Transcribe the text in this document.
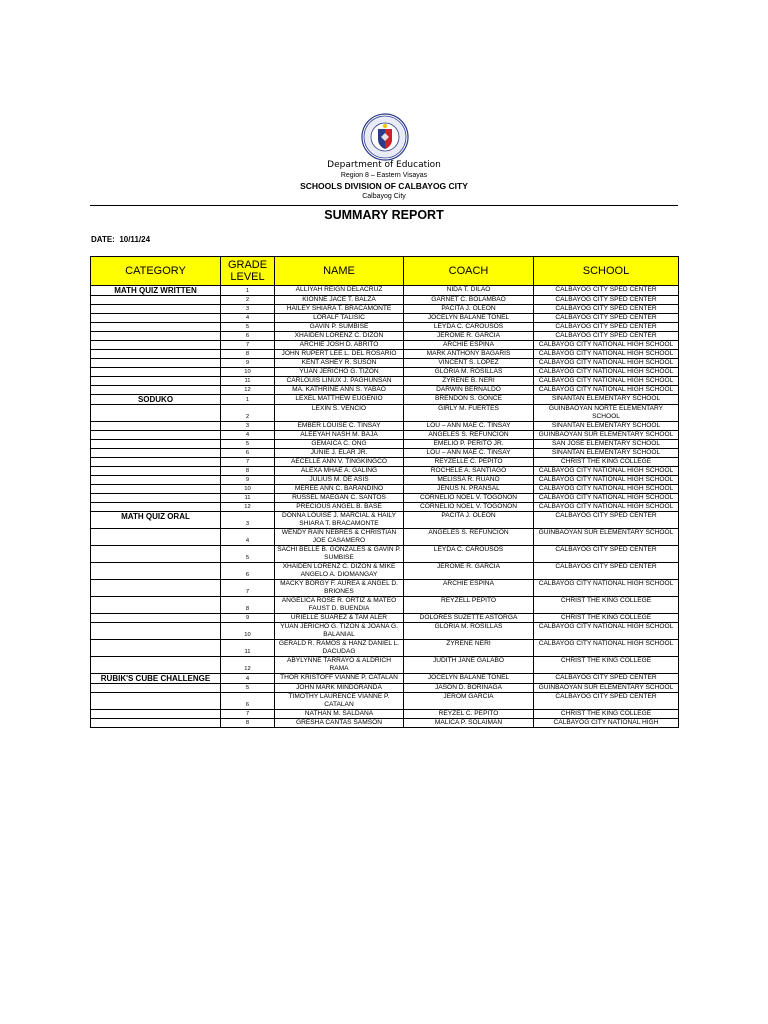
Department of Education
Region 8 – Eastern Visayas
SCHOOLS DIVISION OF CALBAYOG CITY
Calbayog City
SUMMARY REPORT
DATE: 10/11/24
CATEGORY	GRADE LEVEL	NAME	COACH	SCHOOL
MATH QUIZ WRITTEN	1	ALLIYAH REIGN DELACRUZ	NIDA T. DILAO	CALBAYOG CITY SPED CENTER
	2	KIONNE JACE T. BALZA	GARNET C. BOLAMBAO	CALBAYOG CITY SPED CENTER
	3	HAILEY SHIARA T. BRACAMONTE	PACITA J. OLEON	CALBAYOG CITY SPED CENTER
	4	LORALF TALISIC	JOCELYN BALANE TONEL	CALBAYOG CITY SPED CENTER
	5	GAVIN P. SUMBISE	LEYDA C. CAROUSOS	CALBAYOG CITY SPED CENTER
	6	XHAIDEN LORENZ C. DIZON	JEROME R. GARCIA	CALBAYOG CITY SPED CENTER
	7	ARCHIE JOSH D. ABRITO	ARCHIE ESPIÑA	CALBAYOG CITY NATIONAL HIGH SCHOOL
	8	JOHN RUPERT LEE L. DEL ROSARIO	MARK ANTHONY BAGARIS	CALBAYOG CITY NATIONAL HIGH SCHOOL
	9	KENT ASHEY R. SUSON	VINCENT S. LOPEZ	CALBAYOG CITY NATIONAL HIGH SCHOOL
	10	YUAN JERICHO G. TIZON	GLORIA M. ROSILLAS	CALBAYOG CITY NATIONAL HIGH SCHOOL
	11	CARLOUIS LINUX J. PAGHUNSAN	ZYRENE B. NERI	CALBAYOG CITY NATIONAL HIGH SCHOOL
	12	MA. KATHRINE ANN S. YABAO	DARWIN BERNALDO	CALBAYOG CITY NATIONAL HIGH SCHOOL
SODUKO	1	LEXEL MATTHEW EUGENIO	BRENDON S. GONCE	SINANTAN ELEMENTARY SCHOOL
	2	LEXIN S. VENCIO	GIRLY M. FUERTES	GUINBAOYAN NORTE ELEMENTARY SCHOOL
	3	EMBER LOUISE C. TINSAY	LOU – ANN MAE C. TINSAY	SINANTAN ELEMENTARY SCHOOL
	4	ALEEYAH NASH M. BAJA	ANGELES S. REFUNCION	GUINBAOYAN SUR ELEMENTARY SCHOOL
	5	GEMAICA C. ONG	EMELIO P. PERITO JR.	SAN JOSE ELEMENTARY SCHOOL
	6	JUNIE J. ELAR JR.	LOU – ANN MAE C. TINSAY	SINANTAN ELEMENTARY SCHOOL
	7	AECELLE ANN V. TINGKINGCO	REYZELLE C. PEPITO	CHRIST THE KING COLLEGE
	8	ALEXA MHAE A. GALING	ROCHELE A. SANTIAGO	CALBAYOG CITY NATIONAL HIGH SCHOOL
	9	JULIUS M. DE ASIS	MELISSA R. RUANO	CALBAYOG CITY NATIONAL HIGH SCHOOL
	10	MEREE ANN C. BARANDINO	JENUS N. PRANSAL	CALBAYOG CITY NATIONAL HIGH SCHOOL
	11	RUSSEL MAEGAN C. SANTOS	CORNELIO NOEL V. TOGONON	CALBAYOG CITY NATIONAL HIGH SCHOOL
	12	PRECIOUS ANGEL B. BASE	CORNELIO NOEL V. TOGONON	CALBAYOG CITY NATIONAL HIGH SCHOOL
MATH QUIZ ORAL	3	DONNA LOUISE J. MARCIAL & HAILY SHIARA T. BRACAMONTE	PACITA J. OLEON	CALBAYOG CITY SPED CENTER
	4	WENDY RAIN NEBRES & CHRISTIAN JOE CASAMERO	ANGELES S. REFUNCION	GUINBAOYAN SUR ELEMENTARY SCHOOL
	5	SACHI BELLE B. GONZALES & GAVIN P. SUMBISE	LEYDA C. CAROUSOS	CALBAYOG CITY SPED CENTER
	6	XHAIDEN LORENZ C. DIZON & MIKE ANGELO A. DIOMANGAY	JEROME R. GARCIA	CALBAYOG CITY SPED CENTER
	7	MACKY BORGY F. AUREA & ANGEL D. BRIONES	ARCHIE ESPIÑA	CALBAYOG CITY NATIONAL HIGH SCHOOL
	8	ANGELICA ROSE R. ORTIZ & MATEO FAUST D. BUENDIA	REYZELL PEPITO	CHRIST THE KING COLLEGE
	9	URIELLE SUAREZ & TAM ALER	DOLORES SUZETTE ASTORGA	CHRIST THE KING COLLEGE
	10	YUAN JERICHO G. TIZON & JOANA G. BALANIAL	GLORIA M. ROSILLAS	CALBAYOG CITY NATIONAL HIGH SCHOOL
	11	GERALD R. RAMOS & HANZ DANIEL L. DACUDAG	ZYRENE NERI	CALBAYOG CITY NATIONAL HIGH SCHOOL
	12	ABYLYNNE TARRAYO & ALDRICH RAMA	JUDITH JANE GALABO	CHRIST THE KING COLLEGE
RUBIK'S CUBE CHALLENGE	4	THOR KRISTOFF VIANNE P. CATALAN	JOCELYN BALANE TONEL	CALBAYOG CITY SPED CENTER
	5	JOHN MARK MINDORANDA	JASON D. BORINAGA	GUINBAOYAN SUR ELEMENTARY SCHOOL
	6	TIMOTHY LAURENCE VIANNE P. CATALAN	JEROM GARCIA	CALBAYOG CITY SPED CENTER
	7	NATHAN M. SALDANA	REYZEL C. PEPITO	CHRIST THE KING COLLEGE
	8	GRESHA CANTAS SAMSON	MALICA P. SOLAIMAN	CALBAYOG CITY NATIONAL HIGH
